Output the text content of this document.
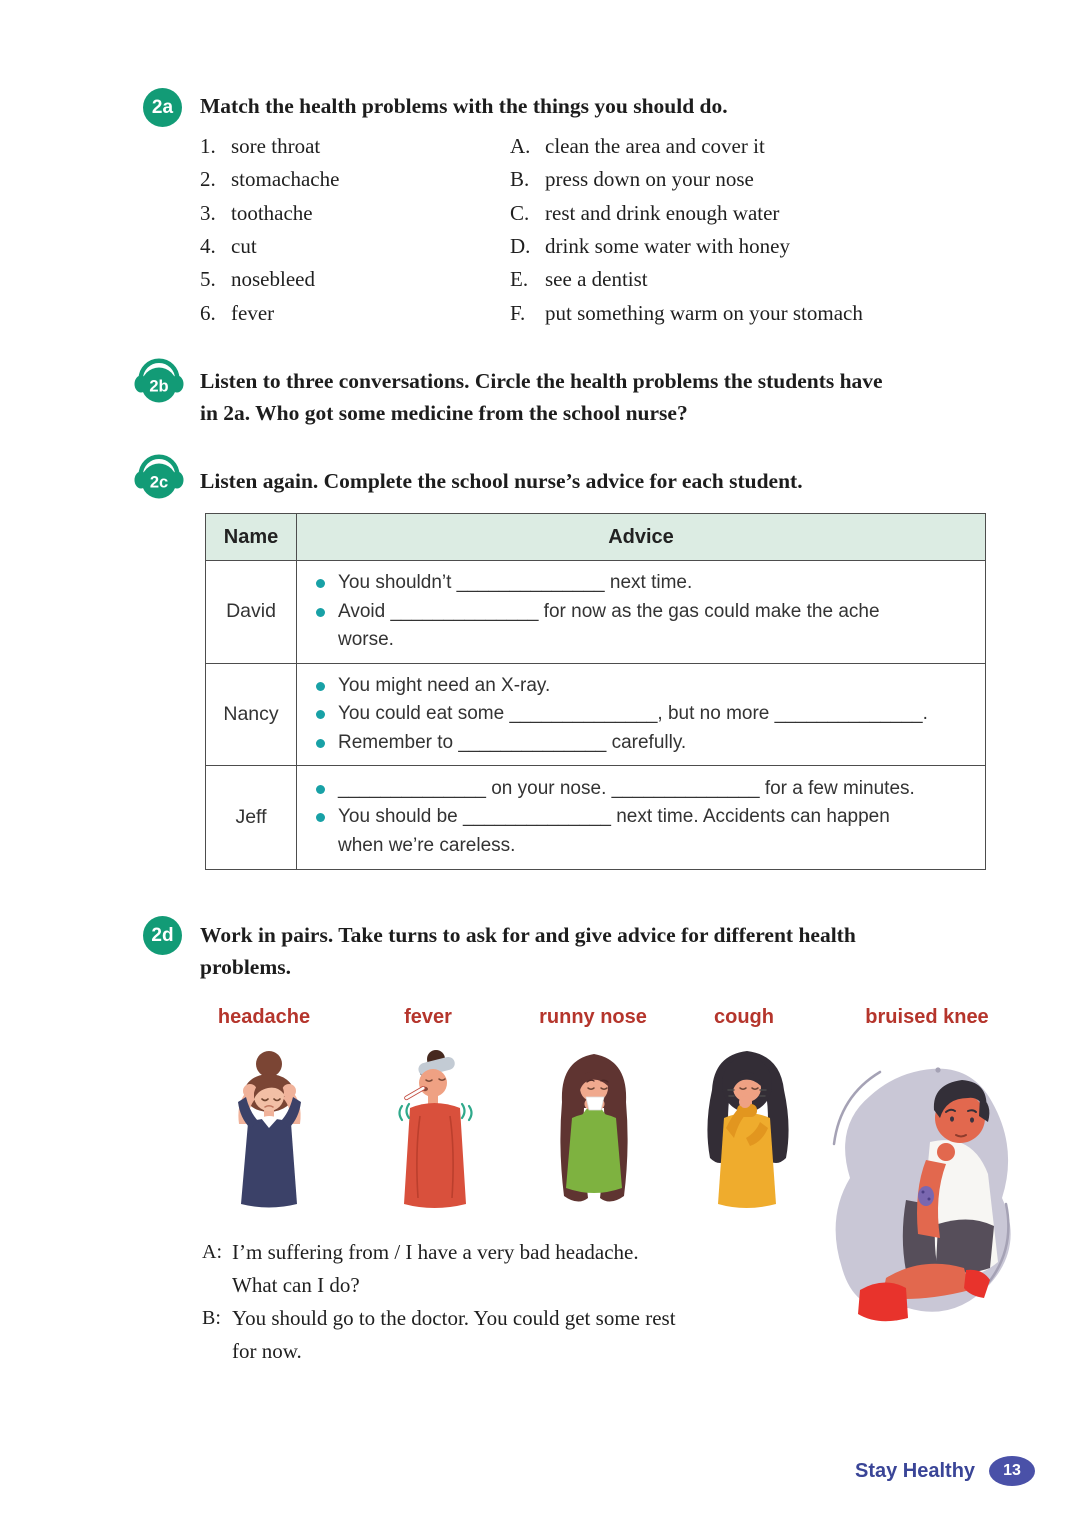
2a	Match the health problems with the things you should do.
1. sore throat	A. clean the area and cover it
2. stomachache	B. press down on your nose
3. toothache	C. rest and drink enough water
4. cut	D. drink some water with honey
5. nosebleed	E. see a dentist
6. fever	F. put something warm on your stomach
2b Listen to three conversations. Circle the health problems the students have
in 2a. Who got some medicine from the school nurse?
2c Listen again. Complete the school nurse’s advice for each student.
Name	Advice
David	You shouldn’t ______________ next time.
Avoid ______________ for now as the gas could make the ache
worse.

Nancy	You might need an X-ray.
You could eat some ______________, but no more ______________.
Remember to ______________ carefully.

Jeff	______________ on your nose. ______________ for a few minutes.
You should be ______________ next time. Accidents can happen
when we’re careless.
2d	Work in pairs. Take turns to ask for and give advice for different health
problems.
headache	fever	runny nose	cough	bruised knee
A: I’m suffering from / I have a very bad headache.
What can I do?
B: You should go to the doctor. You could get some rest
for now.
Stay Healthy	13
